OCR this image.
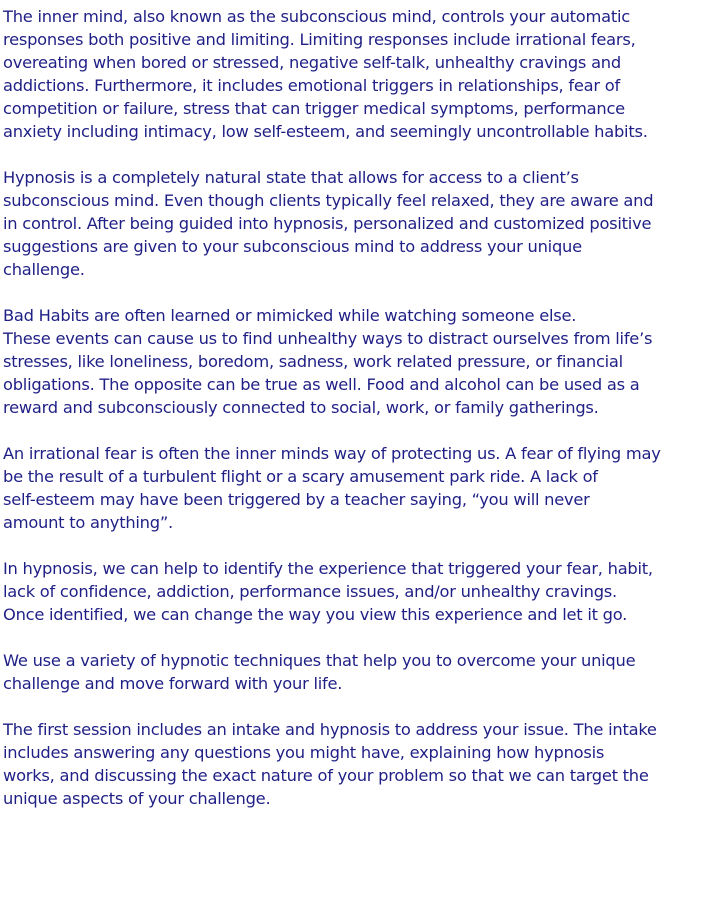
The inner mind, also known as the subconscious mind, controls your automatic
responses both positive and limiting. Limiting responses include irrational fears,
overeating when bored or stressed, negative self-talk, unhealthy cravings and
addictions. Furthermore, it includes emotional triggers in relationships, fear of
competition or failure, stress that can trigger medical symptoms, performance
anxiety including intimacy, low self-esteem, and seemingly uncontrollable habits.

Hypnosis is a completely natural state that allows for access to a client’s
subconscious mind. Even though clients typically feel relaxed, they are aware and
in control. After being guided into hypnosis, personalized and customized positive
suggestions are given to your subconscious mind to address your unique
challenge.

Bad Habits are often learned or mimicked while watching someone else.
These events can cause us to find unhealthy ways to distract ourselves from life’s
stresses, like loneliness, boredom, sadness, work related pressure, or financial
obligations. The opposite can be true as well. Food and alcohol can be used as a
reward and subconsciously connected to social, work, or family gatherings.

An irrational fear is often the inner minds way of protecting us. A fear of flying may
be the result of a turbulent flight or a scary amusement park ride. A lack of
self-esteem may have been triggered by a teacher saying, “you will never
amount to anything”.

In hypnosis, we can help to identify the experience that triggered your fear, habit,
lack of confidence, addiction, performance issues, and/or unhealthy cravings.
Once identified, we can change the way you view this experience and let it go.

We use a variety of hypnotic techniques that help you to overcome your unique
challenge and move forward with your life.

The first session includes an intake and hypnosis to address your issue. The intake
includes answering any questions you might have, explaining how hypnosis
works, and discussing the exact nature of your problem so that we can target the
unique aspects of your challenge.
